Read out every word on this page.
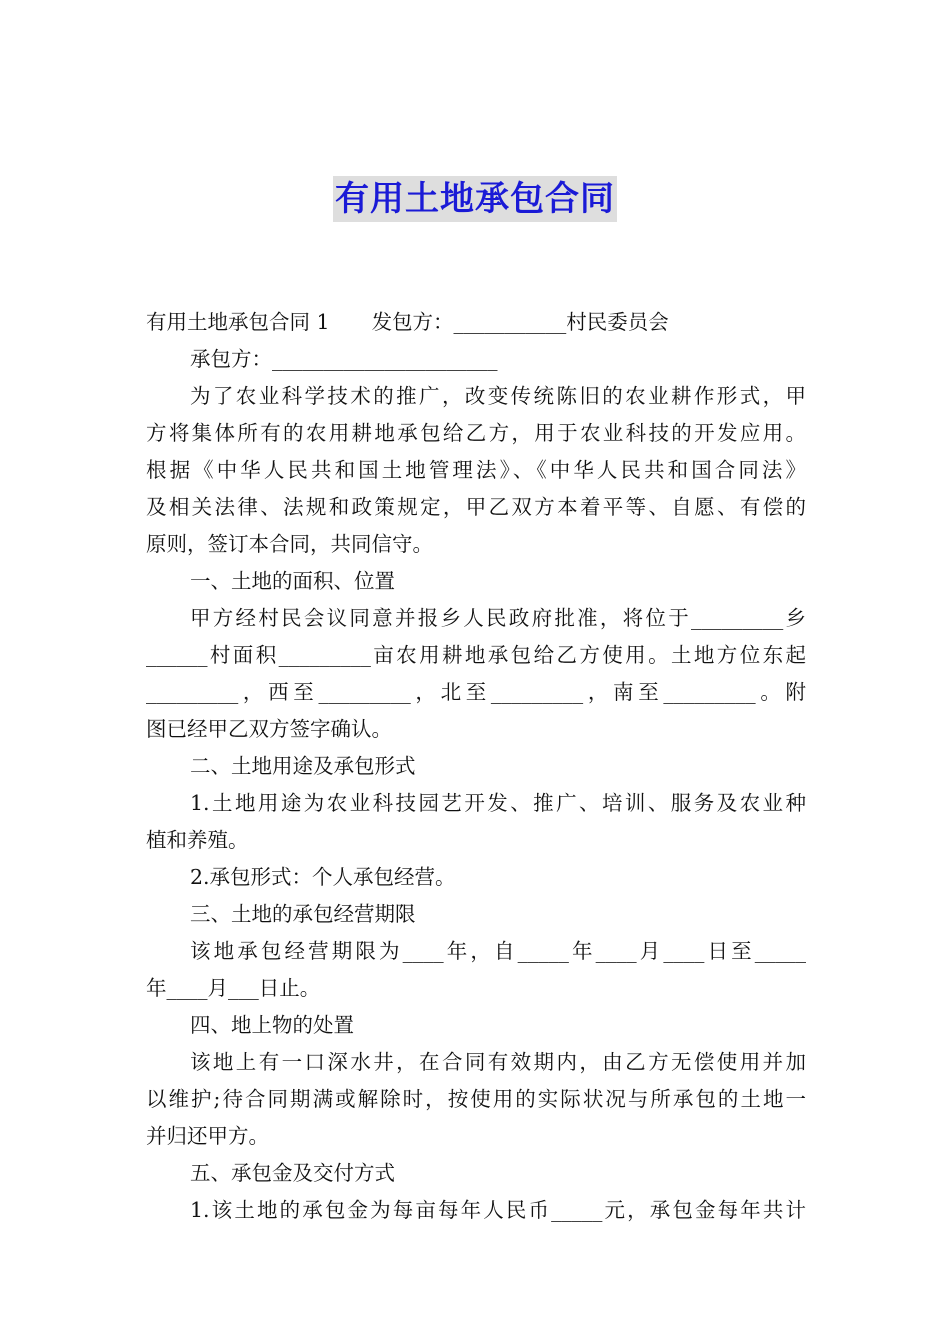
有用土地承包合同
有用土地承包合同 1 发包方：___________村民委员会
承包方：______________________
为了农业科学技术的推广，改变传统陈旧的农业耕作形式，甲
方将集体所有的农用耕地承包给乙方，用于农业科技的开发应用。
根据《中华人民共和国土地管理法》、《中华人民共和国合同法》
及相关法律、法规和政策规定，甲乙双方本着平等、自愿、有偿的
原则，签订本合同，共同信守。
一、土地的面积、位置
甲方经村民会议同意并报乡人民政府批准，将位于_________乡
______村面积_________亩农用耕地承包给乙方使用。土地方位东起
_________，西至_________，北至_________，南至_________。附
图已经甲乙双方签字确认。
二、土地用途及承包形式
1.土地用途为农业科技园艺开发、推广、培训、服务及农业种
植和养殖。
2.承包形式：个人承包经营。
三、土地的承包经营期限
该地承包经营期限为____年，自_____年____月____日至_____
年____月___日止。
四、地上物的处置
该地上有一口深水井，在合同有效期内，由乙方无偿使用并加
以维护;待合同期满或解除时，按使用的实际状况与所承包的土地一
并归还甲方。
五、承包金及交付方式
1.该土地的承包金为每亩每年人民币_____元，承包金每年共计
